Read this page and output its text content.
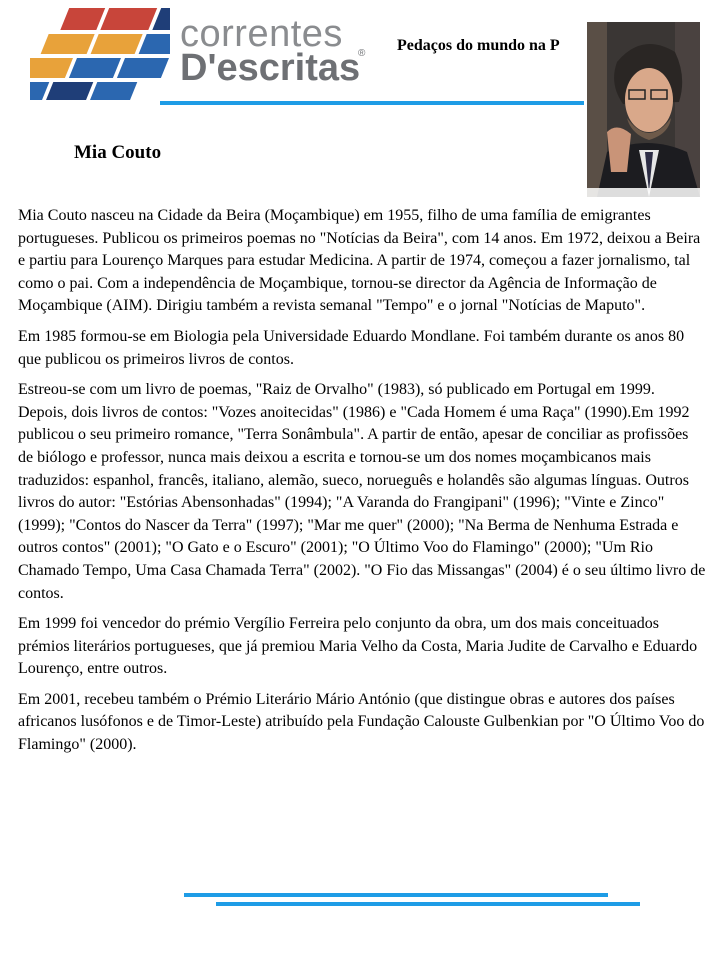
correntes
D'escritas
® Pedaços do mundo na P
Mia Couto

Mia Couto nasceu na Cidade da Beira (Moçambique) em 1955, filho de uma família de emigrantes portugueses. Publicou os primeiros poemas no "Notícias da Beira", com 14 anos. Em 1972, deixou a Beira e partiu para Lourenço Marques para estudar Medicina. A partir de 1974, começou a fazer jornalismo, tal como o pai. Com a independência de Moçambique, tornou-se director da Agência de Informação de Moçambique (AIM). Dirigiu também a revista semanal "Tempo" e o jornal "Notícias de Maputo".

Em 1985 formou-se em Biologia pela Universidade Eduardo Mondlane. Foi também durante os anos 80 que publicou os primeiros livros de contos.

Estreou-se com um livro de poemas, "Raiz de Orvalho" (1983), só publicado em Portugal em 1999. Depois, dois livros de contos: "Vozes anoitecidas" (1986) e "Cada Homem é uma Raça" (1990).Em 1992 publicou o seu primeiro romance, "Terra Sonâmbula". A partir de então, apesar de conciliar as profissões de biólogo e professor, nunca mais deixou a escrita e tornou-se um dos nomes moçambicanos mais traduzidos: espanhol, francês, italiano, alemão, sueco, norueguês e holandês são algumas línguas. Outros livros do autor: "Estórias Abensonhadas" (1994); "A Varanda do Frangipani" (1996); "Vinte e Zinco" (1999); "Contos do Nascer da Terra" (1997); "Mar me quer" (2000); "Na Berma de Nenhuma Estrada e outros contos" (2001); "O Gato e o Escuro" (2001); "O Último Voo do Flamingo" (2000); "Um Rio Chamado Tempo, Uma Casa Chamada Terra" (2002). "O Fio das Missangas" (2004) é o seu último livro de contos.

Em 1999 foi vencedor do prémio Vergílio Ferreira pelo conjunto da obra, um dos mais conceituados prémios literários portugueses, que já premiou Maria Velho da Costa, Maria Judite de Carvalho e Eduardo Lourenço, entre outros.

Em 2001, recebeu também o Prémio Literário Mário António (que distingue obras e autores dos países africanos lusófonos e de Timor-Leste) atribuído pela Fundação Calouste Gulbenkian por "O Último Voo do Flamingo" (2000).
